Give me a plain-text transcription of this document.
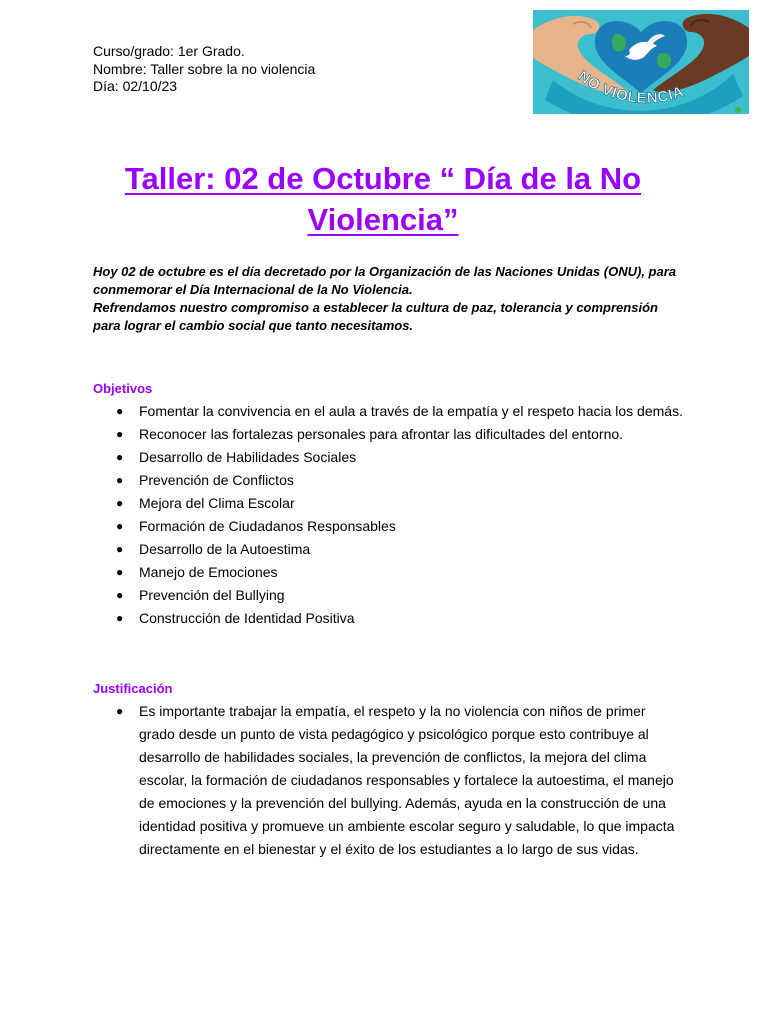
Curso/grado: 1er Grado.
Nombre: Taller sobre la no violencia
Día: 02/10/23	NO VIOLENCIA
Taller: 02 de Octubre “ Día de la No
Violencia”

Hoy 02 de octubre es el día decretado por la Organización de las Naciones Unidas (ONU), para conmemorar el Día Internacional de la No Violencia.

Refrendamos nuestro compromiso a establecer la cultura de paz, tolerancia y comprensión para lograr el cambio social que tanto necesitamos.

Objetivos
● Fomentar la convivencia en el aula a través de la empatía y el respeto hacia los demás.
● Reconocer las fortalezas personales para afrontar las dificultades del entorno.
● Desarrollo de Habilidades Sociales
● Prevención de Conflictos
● Mejora del Clima Escolar
● Formación de Ciudadanos Responsables
● Desarrollo de la Autoestima
● Manejo de Emociones
● Prevención del Bullying
● Construcción de Identidad Positiva
Justificación
● Es importante trabajar la empatía, el respeto y la no violencia con niños de primer grado desde un punto de vista pedagógico y psicológico porque esto contribuye al desarrollo de habilidades sociales, la prevención de conflictos, la mejora del clima escolar, la formación de ciudadanos responsables y fortalece la autoestima, el manejo de emociones y la prevención del bullying. Además, ayuda en la construcción de una identidad positiva y promueve un ambiente escolar seguro y saludable, lo que impacta directamente en el bienestar y el éxito de los estudiantes a lo largo de sus vidas.
